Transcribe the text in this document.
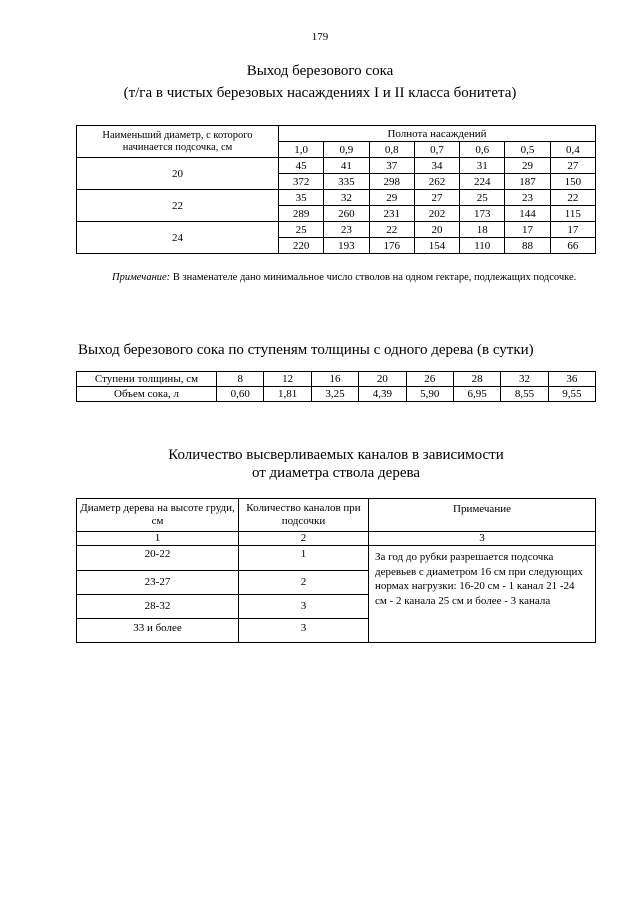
179
Выход березового сока
(т/га в чистых березовых насаждениях I и II класса бонитета)
Наименьший диаметр, с которого начинается подсочка, см	Полнота насаждений						
	1,0	0,9	0,8	0,7	0,6	0,5	0,4
20	45	41	37	34	31	29	27
	372	335	298	262	224	187	150
22	35	32	29	27	25	23	22
	289	260	231	202	173	144	115
24	25	23	22	20	18	17	17
	220	193	176	154	110	88	66
Примечание: В знаменателе дано минимальное число стволов на одном гектаре, подлежащих подсочке.
Выход березового сока по ступеням толщины с одного дерева (в сутки)
Ступени толщины, см	8	12	16	20	26	28	32	36
Объем сока, л	0,60	1,81	3,25	4,39	5,90	6,95	8,55	9,55
Количество высверливаемых каналов в зависимости
от диаметра ствола дерева
Диаметр дерева на высоте груди, см	Количество каналов при подсочки	Примечание
1	2	3
20-22	1	За год до рубки разрешается подсочка деревьев с диаметром 16 см при следующих нормах нагрузки: 16-20 см - 1 канал 21 -24 см - 2 канала 25 см и более - 3 канала
23-27	2	
28-32	3	
33 и более	3	
